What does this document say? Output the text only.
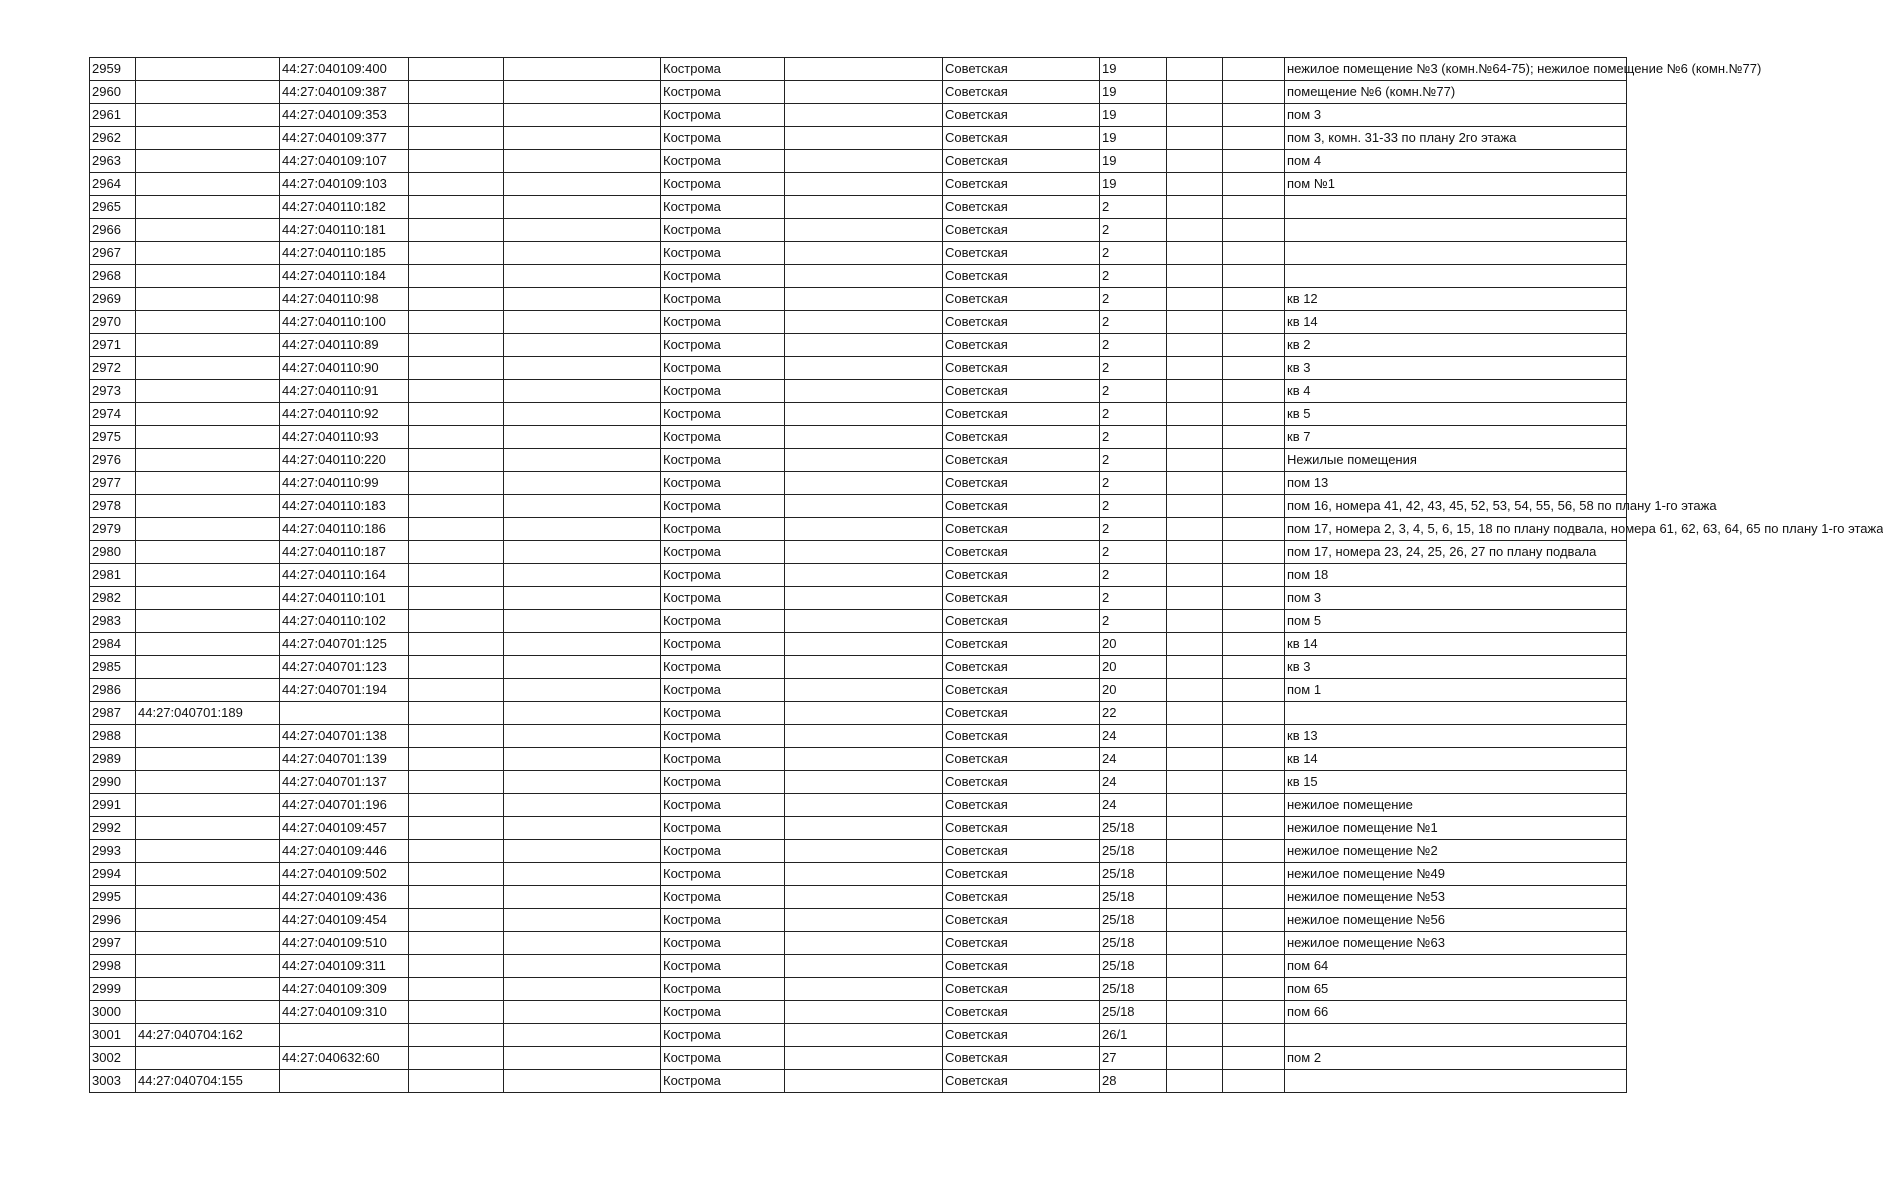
2959		44:27:040109:400			Кострома		Советская	19			нежилое помещение №3 (комн.№64-75); нежилое помещение №6 (комн.№77)

2960		44:27:040109:387			Кострома		Советская	19			помещение №6 (комн.№77)

2961		44:27:040109:353			Кострома		Советская	19			пом 3

2962		44:27:040109:377			Кострома		Советская	19			пом 3, комн. 31-33 по плану 2го этажа

2963		44:27:040109:107			Кострома		Советская	19			пом 4

2964		44:27:040109:103			Кострома		Советская	19			пом №1

2965		44:27:040110:182			Кострома		Советская	2			

2966		44:27:040110:181			Кострома		Советская	2			

2967		44:27:040110:185			Кострома		Советская	2			

2968		44:27:040110:184			Кострома		Советская	2			

2969		44:27:040110:98			Кострома		Советская	2			кв 12

2970		44:27:040110:100			Кострома		Советская	2			кв 14

2971		44:27:040110:89			Кострома		Советская	2			кв 2

2972		44:27:040110:90			Кострома		Советская	2			кв 3

2973		44:27:040110:91			Кострома		Советская	2			кв 4

2974		44:27:040110:92			Кострома		Советская	2			кв 5

2975		44:27:040110:93			Кострома		Советская	2			кв 7

2976		44:27:040110:220			Кострома		Советская	2			Нежилые помещения

2977		44:27:040110:99			Кострома		Советская	2			пом 13

2978		44:27:040110:183			Кострома		Советская	2			пом 16, номера 41, 42, 43, 45, 52, 53, 54, 55, 56, 58 по плану 1-го этажа

2979		44:27:040110:186			Кострома		Советская	2			пом 17, номера 2, 3, 4, 5, 6, 15, 18 по плану подвала, номера 61, 62, 63, 64, 65 по плану 1-го этажа

2980		44:27:040110:187			Кострома		Советская	2			пом 17, номера 23, 24, 25, 26, 27 по плану подвала

2981		44:27:040110:164			Кострома		Советская	2			пом 18

2982		44:27:040110:101			Кострома		Советская	2			пом 3

2983		44:27:040110:102			Кострома		Советская	2			пом 5

2984		44:27:040701:125			Кострома		Советская	20			кв 14

2985		44:27:040701:123			Кострома		Советская	20			кв 3

2986		44:27:040701:194			Кострома		Советская	20			пом 1

2987	44:27:040701:189				Кострома		Советская	22			

2988		44:27:040701:138			Кострома		Советская	24			кв 13

2989		44:27:040701:139			Кострома		Советская	24			кв 14

2990		44:27:040701:137			Кострома		Советская	24			кв 15

2991		44:27:040701:196			Кострома		Советская	24			нежилое помещение

2992		44:27:040109:457			Кострома		Советская	25/18			нежилое помещение №1

2993		44:27:040109:446			Кострома		Советская	25/18			нежилое помещение №2

2994		44:27:040109:502			Кострома		Советская	25/18			нежилое помещение №49

2995		44:27:040109:436			Кострома		Советская	25/18			нежилое помещение №53

2996		44:27:040109:454			Кострома		Советская	25/18			нежилое помещение №56

2997		44:27:040109:510			Кострома		Советская	25/18			нежилое помещение №63

2998		44:27:040109:311			Кострома		Советская	25/18			пом 64

2999		44:27:040109:309			Кострома		Советская	25/18			пом 65

3000		44:27:040109:310			Кострома		Советская	25/18			пом 66

3001	44:27:040704:162				Кострома		Советская	26/1			

3002		44:27:040632:60			Кострома		Советская	27			пом 2

3003	44:27:040704:155				Кострома		Советская	28			
